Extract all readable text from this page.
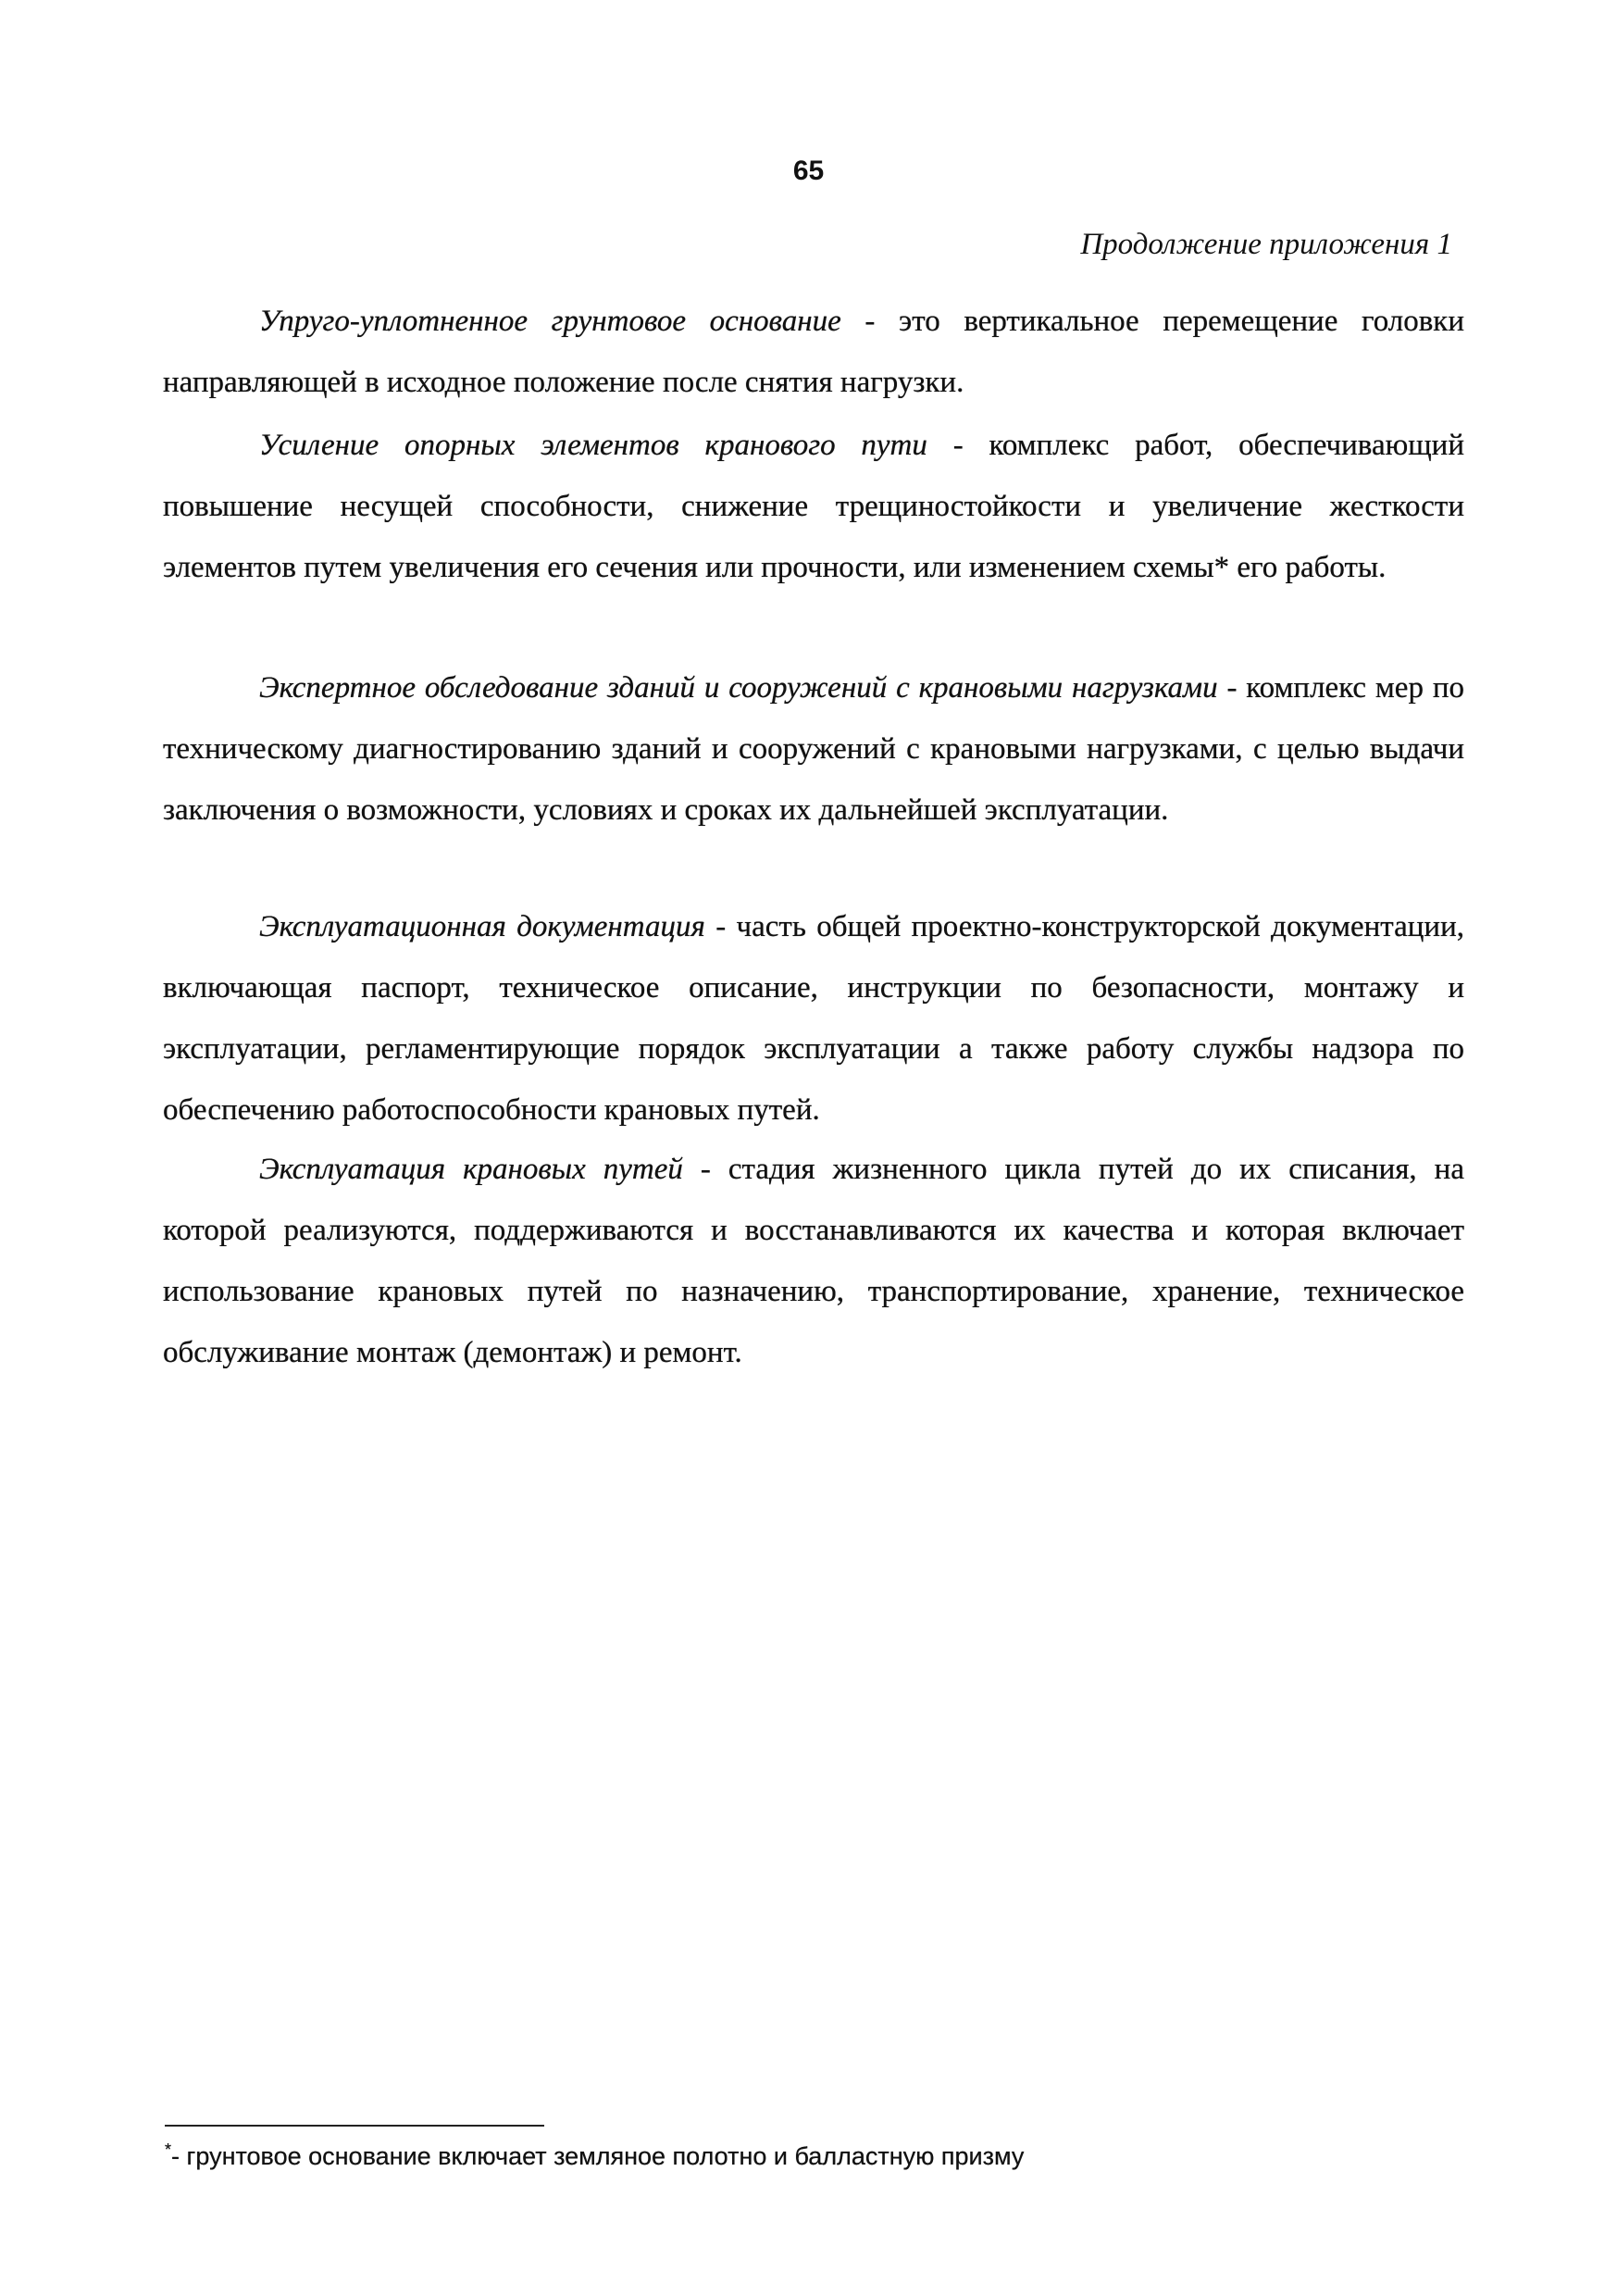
65
Продолжение приложения 1

Упруго-уплотненное грунтовое основание - это вертикальное перемещение головки направляющей в исходное положение после снятия нагрузки.

Усиление опорных элементов кранового пути - комплекс работ, обеспечивающий повышение несущей способности, снижение трещиностойкости и увеличение жесткости элементов путем увеличения его сечения или прочности, или изменением схемы* его работы.

Экспертное обследование зданий и сооружений с крановыми нагрузками - комплекс мер по техническому диагностированию зданий и сооружений с крановыми нагрузками, с целью выдачи заключения о возможности, условиях и сроках их дальнейшей эксплуатации.

Эксплуатационная документация - часть общей проектно-конструкторской документации, включающая паспорт, техническое описание, инструкции по безопасности, монтажу и эксплуатации, регламентирующие порядок эксплуатации а также работу службы надзора по обеспечению работоспособности крановых путей.

Эксплуатация крановых путей - стадия жизненного цикла путей до их списания, на которой реализуются, поддерживаются и восстанавливаются их качества и которая включает использование крановых путей по назначению, транспортирование, хранение, техническое обслуживание монтаж (демонтаж) и ремонт.

*- грунтовое основание включает земляное полотно и балластную призму
